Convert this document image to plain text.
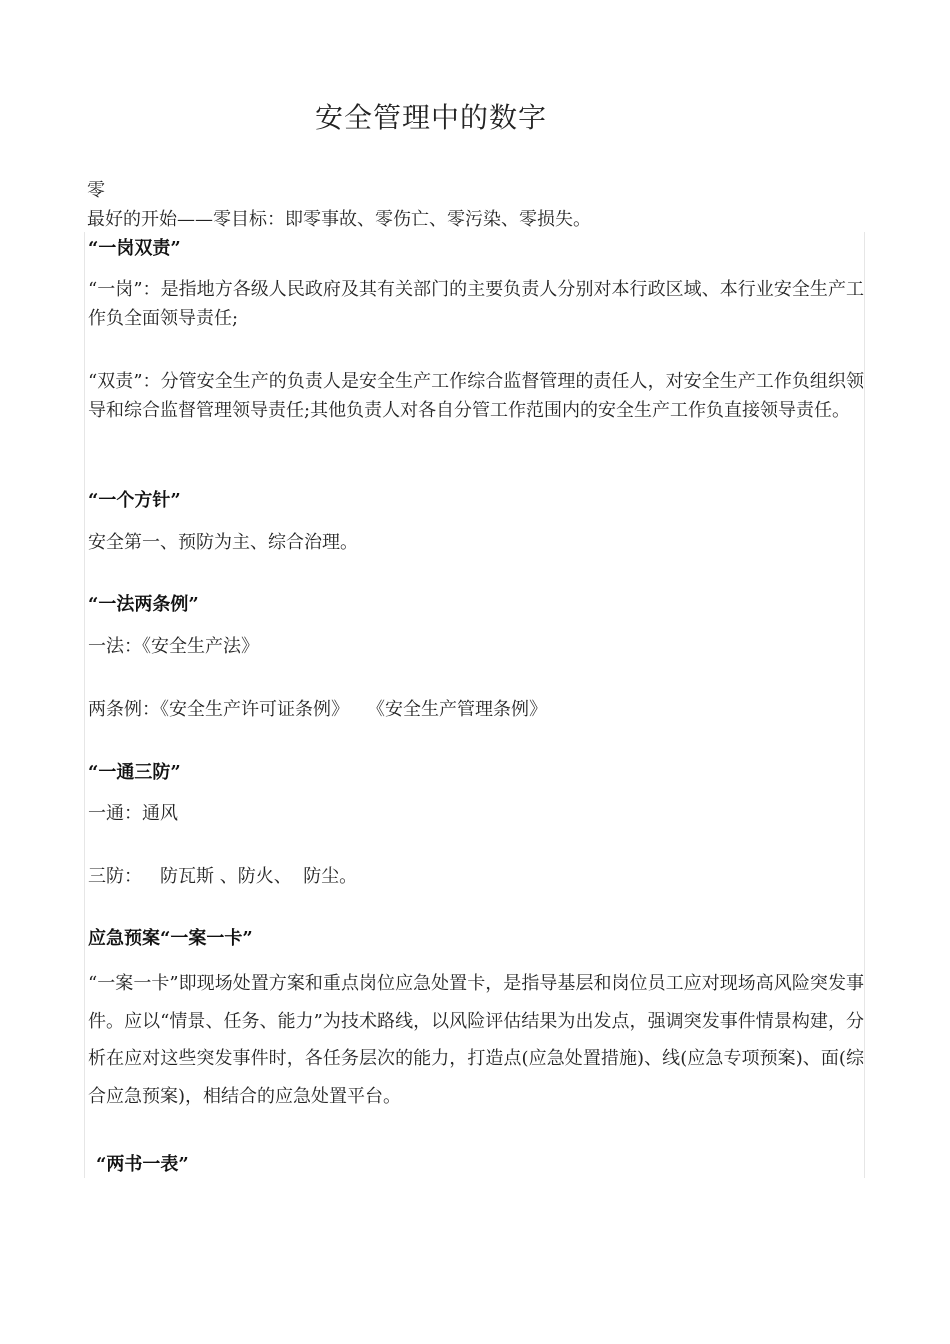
安全管理中的数字
零
最好的开始——零目标：即零事故、零伤亡、零污染、零损失。
“一岗双责”
“一岗”：是指地方各级人民政府及其有关部门的主要负责人分别对本行政区域、本行业安全生产工作负全面领导责任;
“双责”：分管安全生产的负责人是安全生产工作综合监督管理的责任人，对安全生产工作负组织领导和综合监督管理领导责任;其他负责人对各自分管工作范围内的安全生产工作负直接领导责任。
“一个方针”
安全第一、预防为主、综合治理。
“一法两条例”
一法：《安全生产法》
两条例：《安全生产许可证条例》 《安全生产管理条例》
“一通三防”
一通：通风
三防： 防瓦斯 、防火、 防尘。
应急预案“一案一卡”
“一案一卡”即现场处置方案和重点岗位应急处置卡，是指导基层和岗位员工应对现场高风险突发事件。应以“情景、任务、能力”为技术路线，以风险评估结果为出发点，强调突发事件情景构建，分析在应对这些突发事件时，各任务层次的能力，打造点(应急处置措施)、线(应急专项预案)、面(综合应急预案)，相结合的应急处置平台。
“两书一表”
